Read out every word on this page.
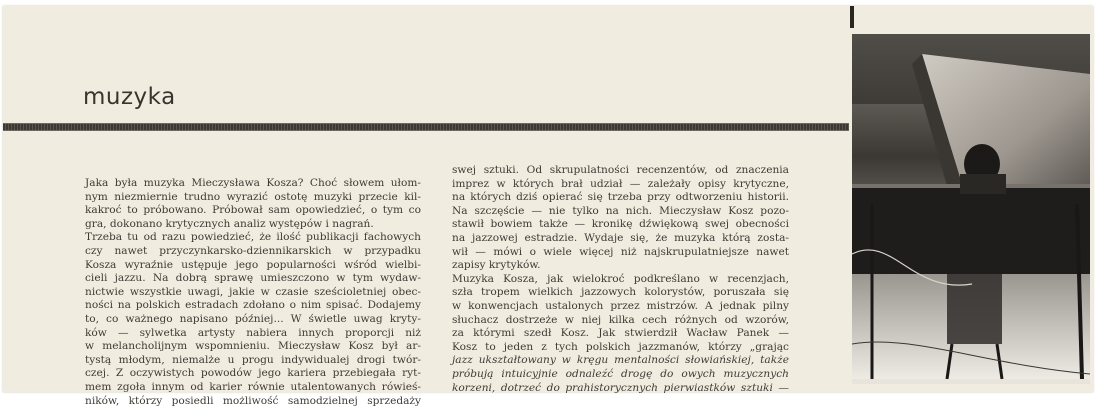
muzyka
Jaka była muzyka Mieczysława Kosza? Choć słowem ułom-
nym niezmiernie trudno wyrazić ostotę muzyki przecie kil-
kakroć to próbowano. Próbował sam opowiedzieć, o tym co
gra, dokonano krytycznych analiz występów i nagrań.
Trzeba tu od razu powiedzieć, że ilość publikacji fachowych
czy nawet przyczynkarsko-dziennikarskich w przypadku
Kosza wyraźnie ustępuje jego popularności wśród wielbi-
cieli jazzu. Na dobrą sprawę umieszczono w tym wydaw-
nictwie wszystkie uwagi, jakie w czasie sześcioletniej obec-
ności na polskich estradach zdołano o nim spisać. Dodajemy
to, co ważnego napisano później... W świetle uwag kryty-
ków — sylwetka artysty nabiera innych proporcji niż
w melancholijnym wspomnieniu. Mieczysław Kosz był ar-
tystą młodym, niemalże u progu indywidualej drogi twór-
czej. Z oczywistych powodów jego kariera przebiegała ryt-
mem zgoła innym od karier równie utalentowanych rówieś-
ników, którzy posiedli możliwość samodzielnej sprzedaży
swej sztuki. Od skrupulatności recenzentów, od znaczenia
imprez w których brał udział — zależały opisy krytyczne,
na których dziś opierać się trzeba przy odtworzeniu historii.
Na szczęście — nie tylko na nich. Mieczysław Kosz pozo-
stawił bowiem także — kronikę dźwiękową swej obecności
na jazzowej estradzie. Wydaje się, że muzyka którą zosta-
wił — mówi o wiele więcej niż najskrupulatniejsze nawet
zapisy krytyków.
Muzyka Kosza, jak wielokroć podkreślano w recenzjach,
szła tropem wielkich jazzowych kolorystów, poruszała się
w konwencjach ustalonych przez mistrzów. A jednak pilny
słuchacz dostrzeże w niej kilka cech różnych od wzorów,
za którymi szedł Kosz. Jak stwierdził Wacław Panek —
Kosz to jeden z tych polskich jazzmanów, którzy „grając
jazz ukształtowany w kręgu mentalności słowiańskiej, także
próbują intuicyjnie odnaleźć drogę do owych muzycznych
korzeni, dotrzeć do prahistorycznych pierwiastków sztuki —
